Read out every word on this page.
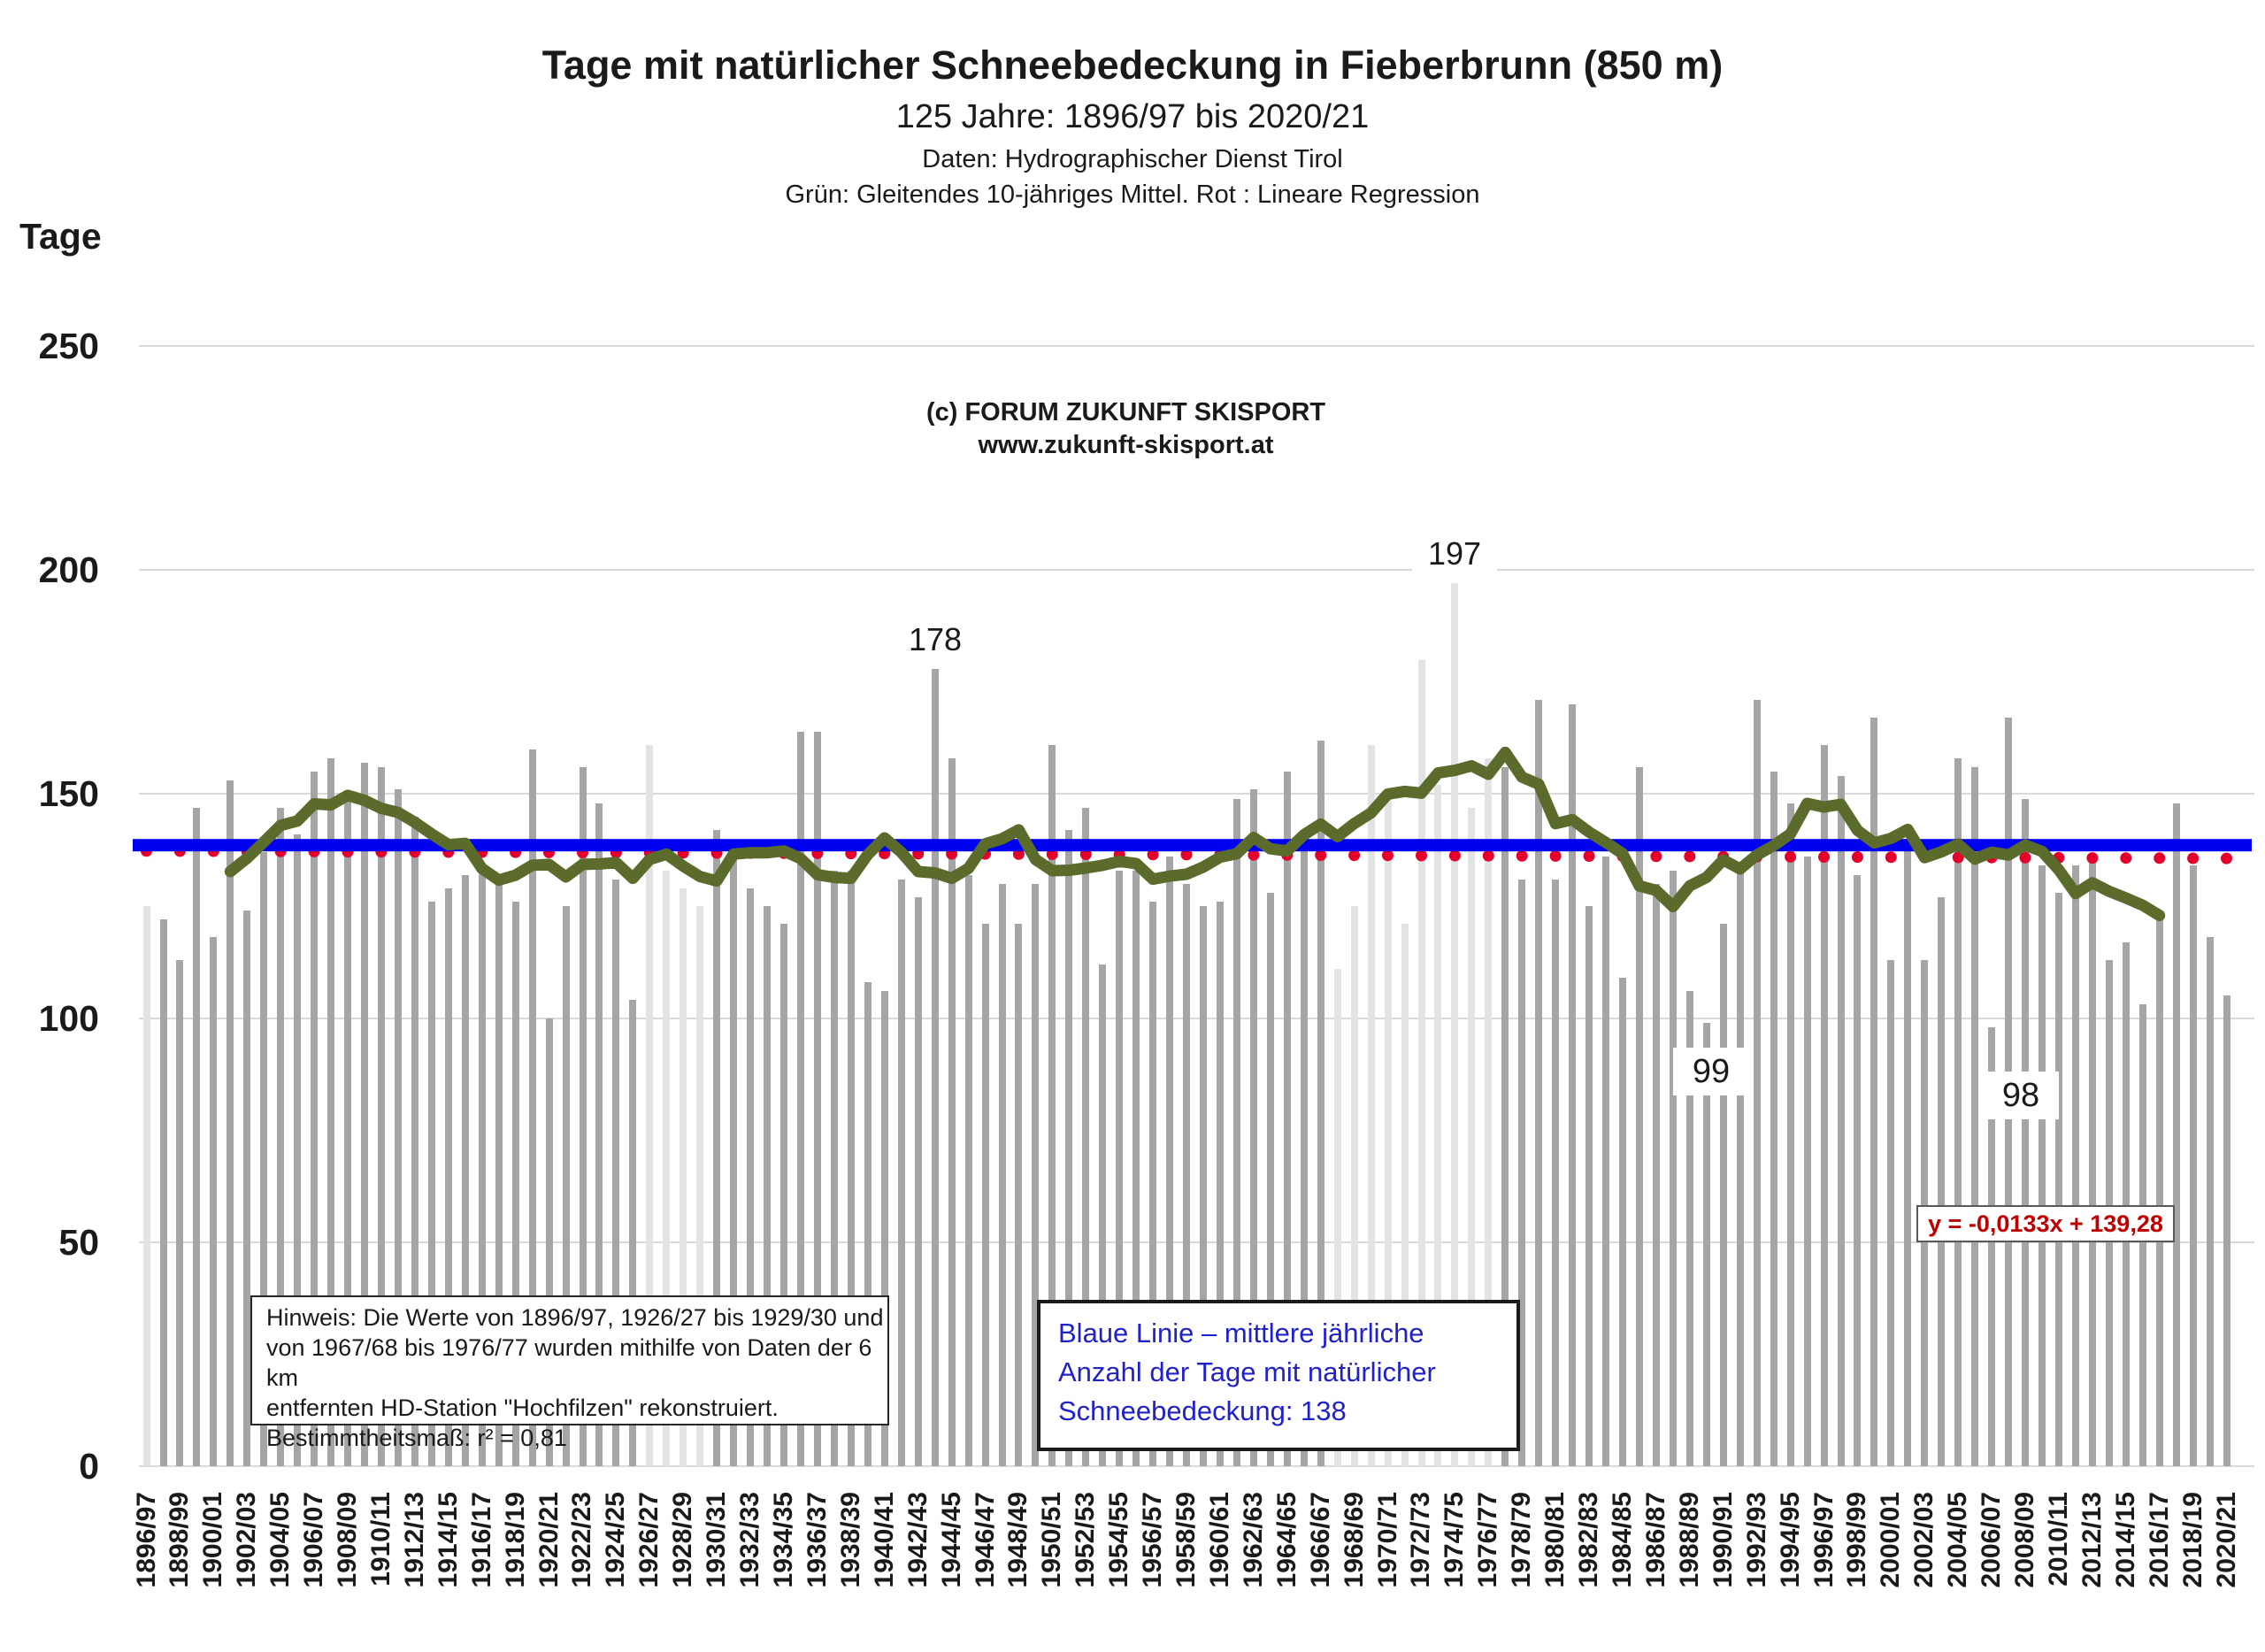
Tage mit natürlicher Schneebedeckung in Fieberbrunn (850 m)
125 Jahre: 1896/97 bis 2020/21
Daten: Hydrographischer Dienst Tirol
Grün: Gleitendes 10-jähriges Mittel. Rot : Lineare Regression
Tage
(c) FORUM ZUKUNFT SKISPORT
www.zukunft-skisport.at
0
50
100
150
200
250
1896/97 1898/99 1900/01 1902/03 1904/05 1906/07 1908/09 1910/11 1912/13 1914/15 1916/17 1918/19 1920/21 1922/23 1924/25 1926/27 1928/29 1930/31 1932/33 1934/35 1936/37 1938/39 1940/41 1942/43 1944/45 1946/47 1948/49 1950/51 1952/53 1954/55 1956/57 1958/59 1960/61 1962/63 1964/65 1966/67 1968/69 1970/71 1972/73 1974/75 1976/77 1978/79 1980/81 1982/83 1984/85 1986/87 1988/89 1990/91 1992/93 1994/95 1996/97 1998/99 2000/01 2002/03 2004/05 2006/07 2008/09 2010/11 2012/13 2014/15 2016/17 2018/19 2020/21
178
197
99
98
Hinweis: Die Werte von 1896/97, 1926/27 bis 1929/30 und
von 1967/68 bis 1976/77 wurden mithilfe von Daten der 6 km
entfernten HD-Station "Hochfilzen" rekonstruiert.
Bestimmtheitsmaß: r² = 0,81
Blaue Linie – mittlere jährliche
Anzahl der Tage mit natürlicher
Schneebedeckung: 138
y = -0,0133x + 139,28
